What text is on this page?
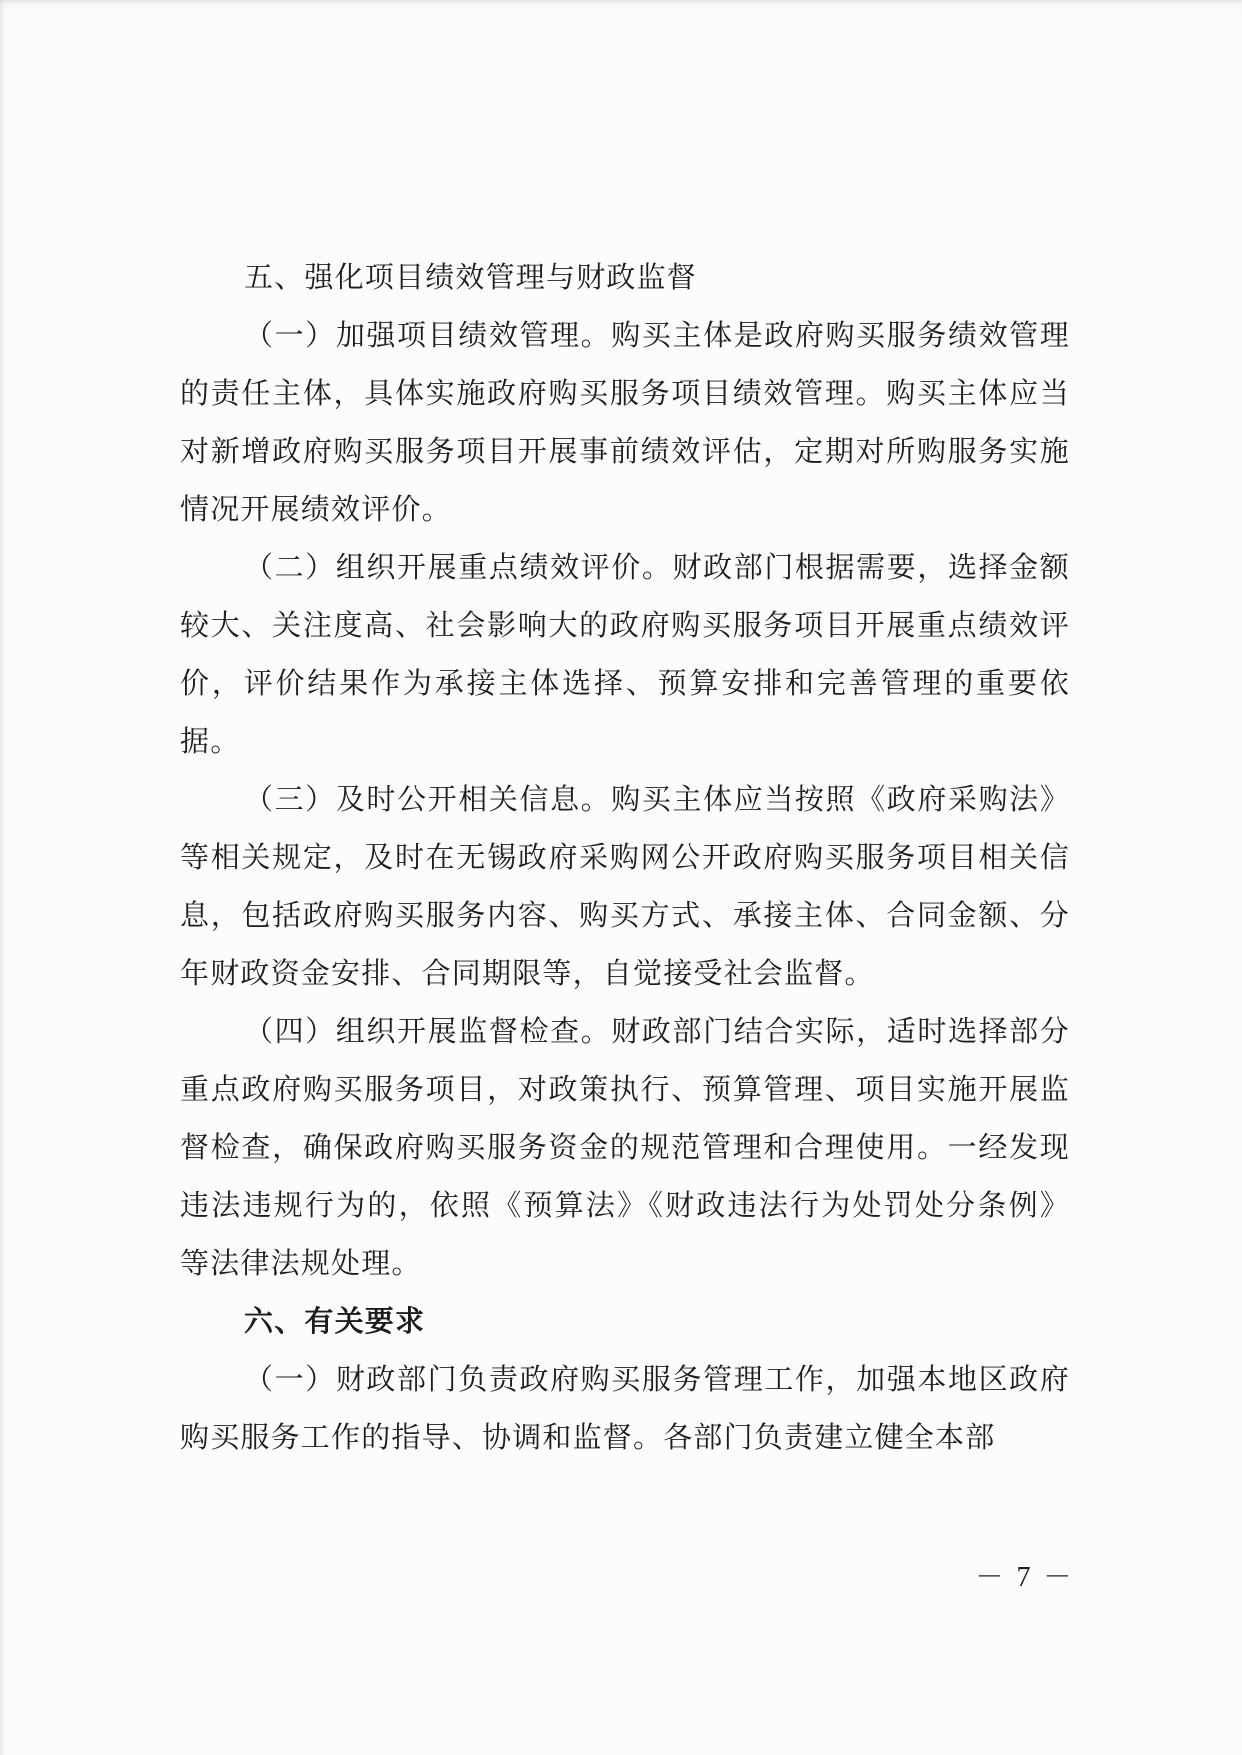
五、强化项目绩效管理与财政监督

（一）加强项目绩效管理。购买主体是政府购买服务绩效管理的责任主体，具体实施政府购买服务项目绩效管理。购买主体应当对新增政府购买服务项目开展事前绩效评估，定期对所购服务实施情况开展绩效评价。

（二）组织开展重点绩效评价。财政部门根据需要，选择金额较大、关注度高、社会影响大的政府购买服务项目开展重点绩效评价，评价结果作为承接主体选择、预算安排和完善管理的重要依据。

（三）及时公开相关信息。购买主体应当按照《政府采购法》等相关规定，及时在无锡政府采购网公开政府购买服务项目相关信息，包括政府购买服务内容、购买方式、承接主体、合同金额、分年财政资金安排、合同期限等，自觉接受社会监督。

（四）组织开展监督检查。财政部门结合实际，适时选择部分重点政府购买服务项目，对政策执行、预算管理、项目实施开展监督检查，确保政府购买服务资金的规范管理和合理使用。一经发现违法违规行为的，依照《预算法》《财政违法行为处罚处分条例》等法律法规处理。

六、有关要求

（一）财政部门负责政府购买服务管理工作，加强本地区政府购买服务工作的指导、协调和监督。各部门负责建立健全本部

－ 7 －
